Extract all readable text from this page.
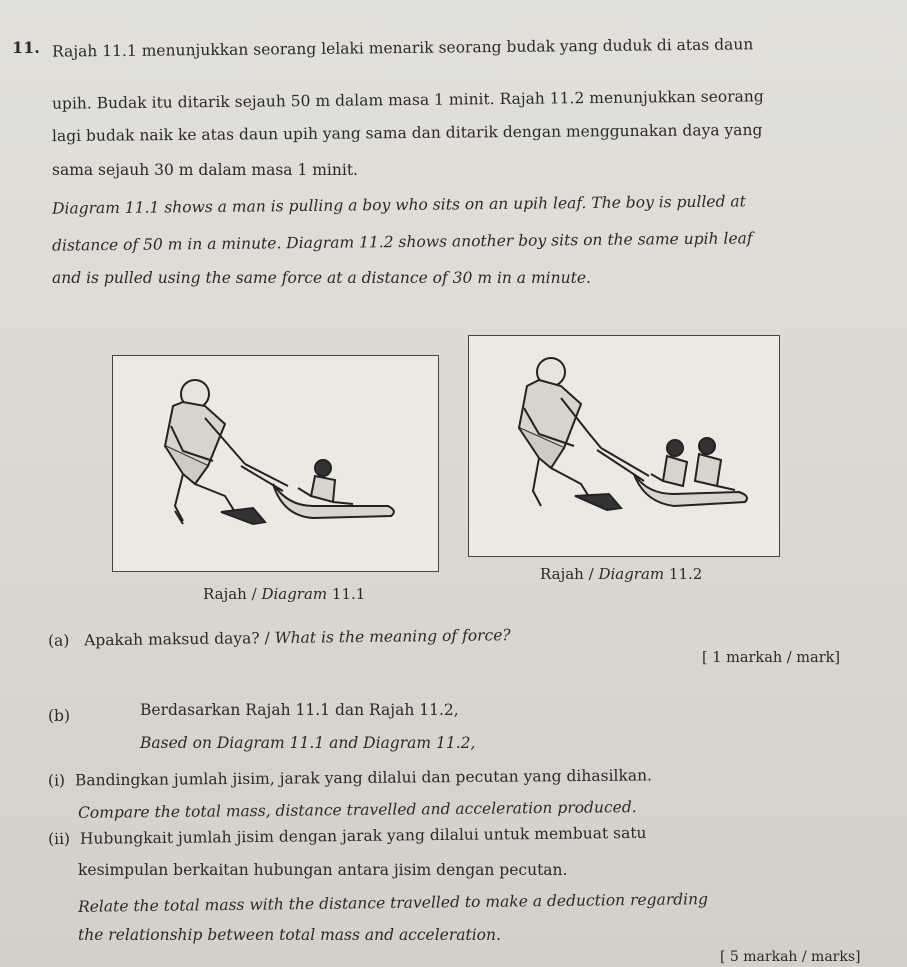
11. Rajah 11.1 menunjukkan seorang lelaki menarik seorang budak yang duduk di atas daun
upih. Budak itu ditarik sejauh 50 m dalam masa 1 minit. Rajah 11.2 menunjukkan seorang
lagi budak naik ke atas daun upih yang sama dan ditarik dengan menggunakan daya yang
sama sejauh 30 m dalam masa 1 minit.
Diagram 11.1 shows a man is pulling a boy who sits on an upih leaf. The boy is pulled at
distance of 50 m in a minute. Diagram 11.2 shows another boy sits on the same upih leaf
and is pulled using the same force at a distance of 30 m in a minute.
Rajah / Diagram 11.1
Rajah / Diagram 11.2
(a) Apakah maksud daya? / What is the meaning of force?
[ 1 markah / mark]
(b)	Berdasarkan Rajah 11.1 dan Rajah 11.2,
Based on Diagram 11.1 and Diagram 11.2,
(i) Bandingkan jumlah jisim, jarak yang dilalui dan pecutan yang dihasilkan.
Compare the total mass, distance travelled and acceleration produced.
(ii) Hubungkait jumlah jisim dengan jarak yang dilalui untuk membuat satu
kesimpulan berkaitan hubungan antara jisim dengan pecutan.
Relate the total mass with the distance travelled to make a deduction regarding
the relationship between total mass and acceleration.
[ 5 markah / marks]
